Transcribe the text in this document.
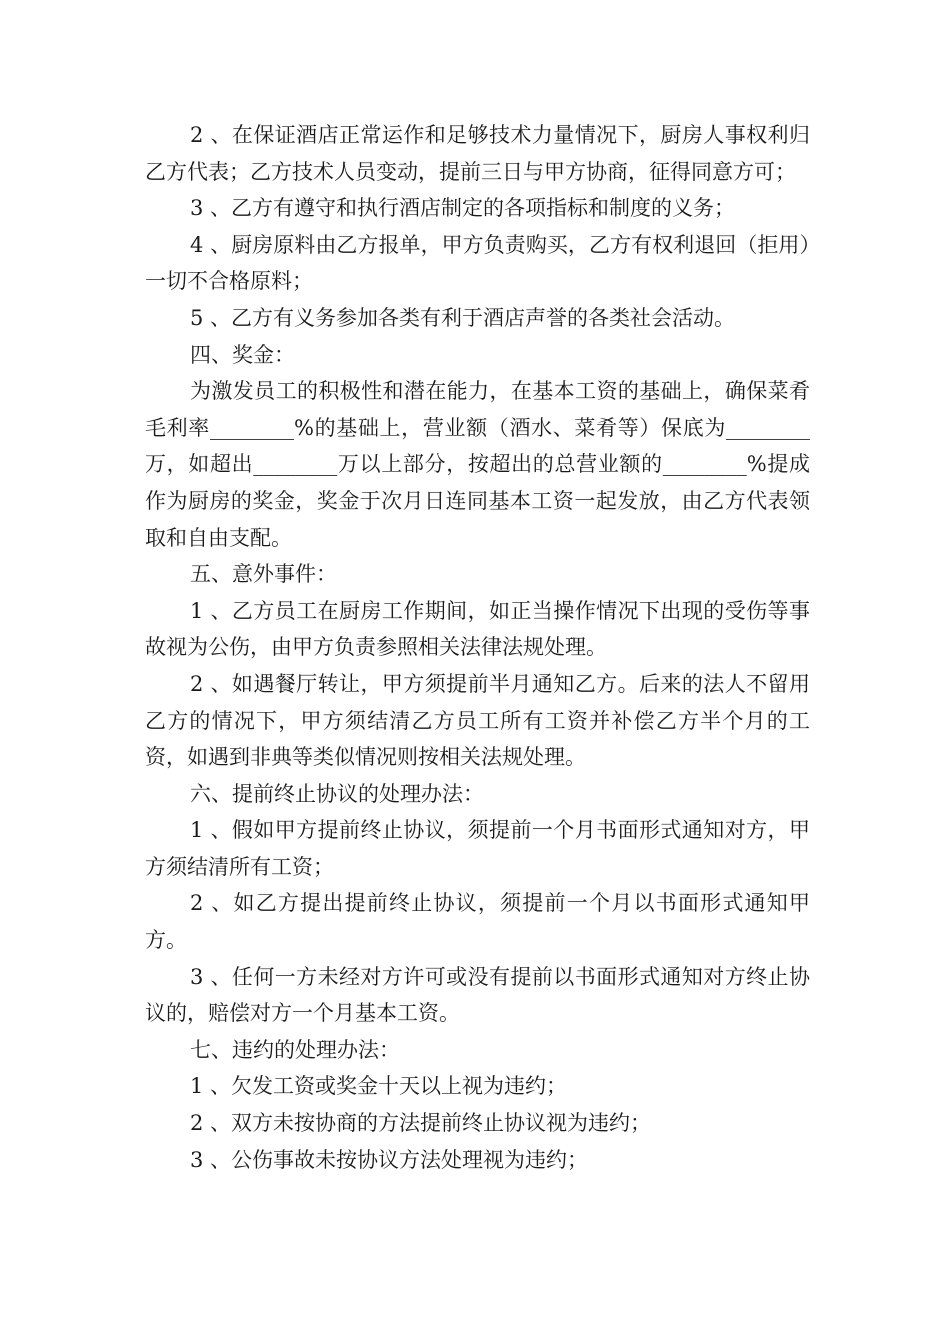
2 、在保证酒店正常运作和足够技术力量情况下，厨房人事权利归乙方代表；乙方技术人员变动，提前三日与甲方协商，征得同意方可；

3 、乙方有遵守和执行酒店制定的各项指标和制度的义务；

4 、厨房原料由乙方报单，甲方负责购买，乙方有权利退回（拒用）一切不合格原料；

5 、乙方有义务参加各类有利于酒店声誉的各类社会活动。

四、奖金：

为激发员工的积极性和潜在能力，在基本工资的基础上，确保菜肴毛利率________%的基础上，营业额（酒水、菜肴等）保底为________万，如超出________万以上部分，按超出的总营业额的________%提成作为厨房的奖金，奖金于次月日连同基本工资一起发放，由乙方代表领取和自由支配。

五、意外事件：

1 、乙方员工在厨房工作期间，如正当操作情况下出现的受伤等事故视为公伤，由甲方负责参照相关法律法规处理。

2 、如遇餐厅转让，甲方须提前半月通知乙方。后来的法人不留用乙方的情况下，甲方须结清乙方员工所有工资并补偿乙方半个月的工资，如遇到非典等类似情况则按相关法规处理。

六、提前终止协议的处理办法：

1 、假如甲方提前终止协议，须提前一个月书面形式通知对方，甲方须结清所有工资；

2 、如乙方提出提前终止协议，须提前一个月以书面形式通知甲方。

3 、任何一方未经对方许可或没有提前以书面形式通知对方终止协议的，赔偿对方一个月基本工资。

七、违约的处理办法：

1 、欠发工资或奖金十天以上视为违约；

2 、双方未按协商的方法提前终止协议视为违约；

3 、公伤事故未按协议方法处理视为违约；
